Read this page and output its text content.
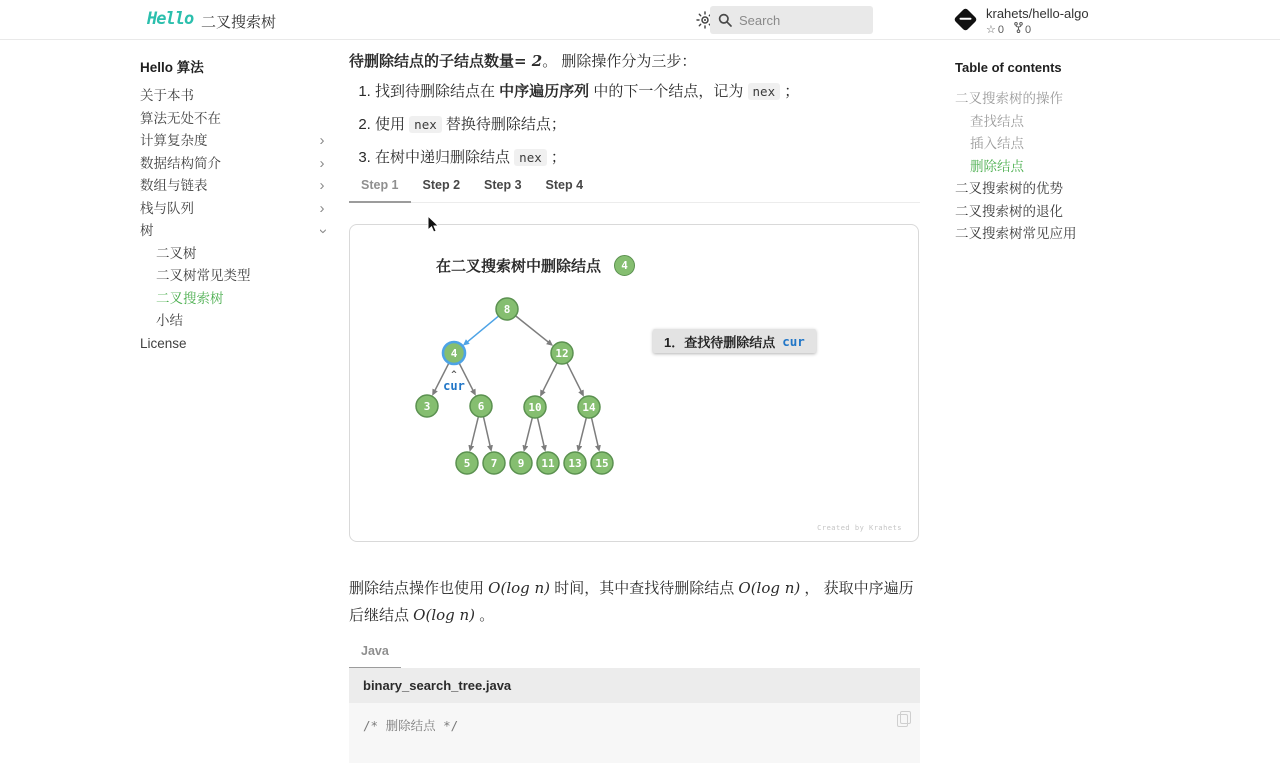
Hello 二叉搜索树
Search
krahets/hello-algo
☆ 0	0
Hello 算法
关于本书
算法无处不在
计算复杂度
›
数据结构简介
›
数组与链表
›
栈与队列
›
树
›
二叉树
二叉树常见类型
二叉搜索树
小结
License
Table of contents
二叉搜索树的操作
查找结点
插入结点
删除结点
二叉搜索树的优势
二叉搜索树的退化
二叉搜索树常见应用

待删除结点的子结点数量= 2。 删除操作分为三步：

1. 找到待删除结点在 中序遍历序列 中的下一个结点，记为 nex ；
2. 使用 nex 替换待删除结点；
3. 在树中递归删除结点 nex ；
Step 1	Step 2	Step 3	Step 4
8
4	12
3	6	10	14
5 7 9 11 13 15
^
cur
在二叉搜索树中删除结点	4
1． 查找待删除结点 cur
Created by Krahets

删除结点操作也使用 O(log n) 时间，其中查找待删除结点 O(log n) ， 获取中序遍历后继结点 O(log n) 。

Java
binary_search_tree.java
/* 删除结点 */
